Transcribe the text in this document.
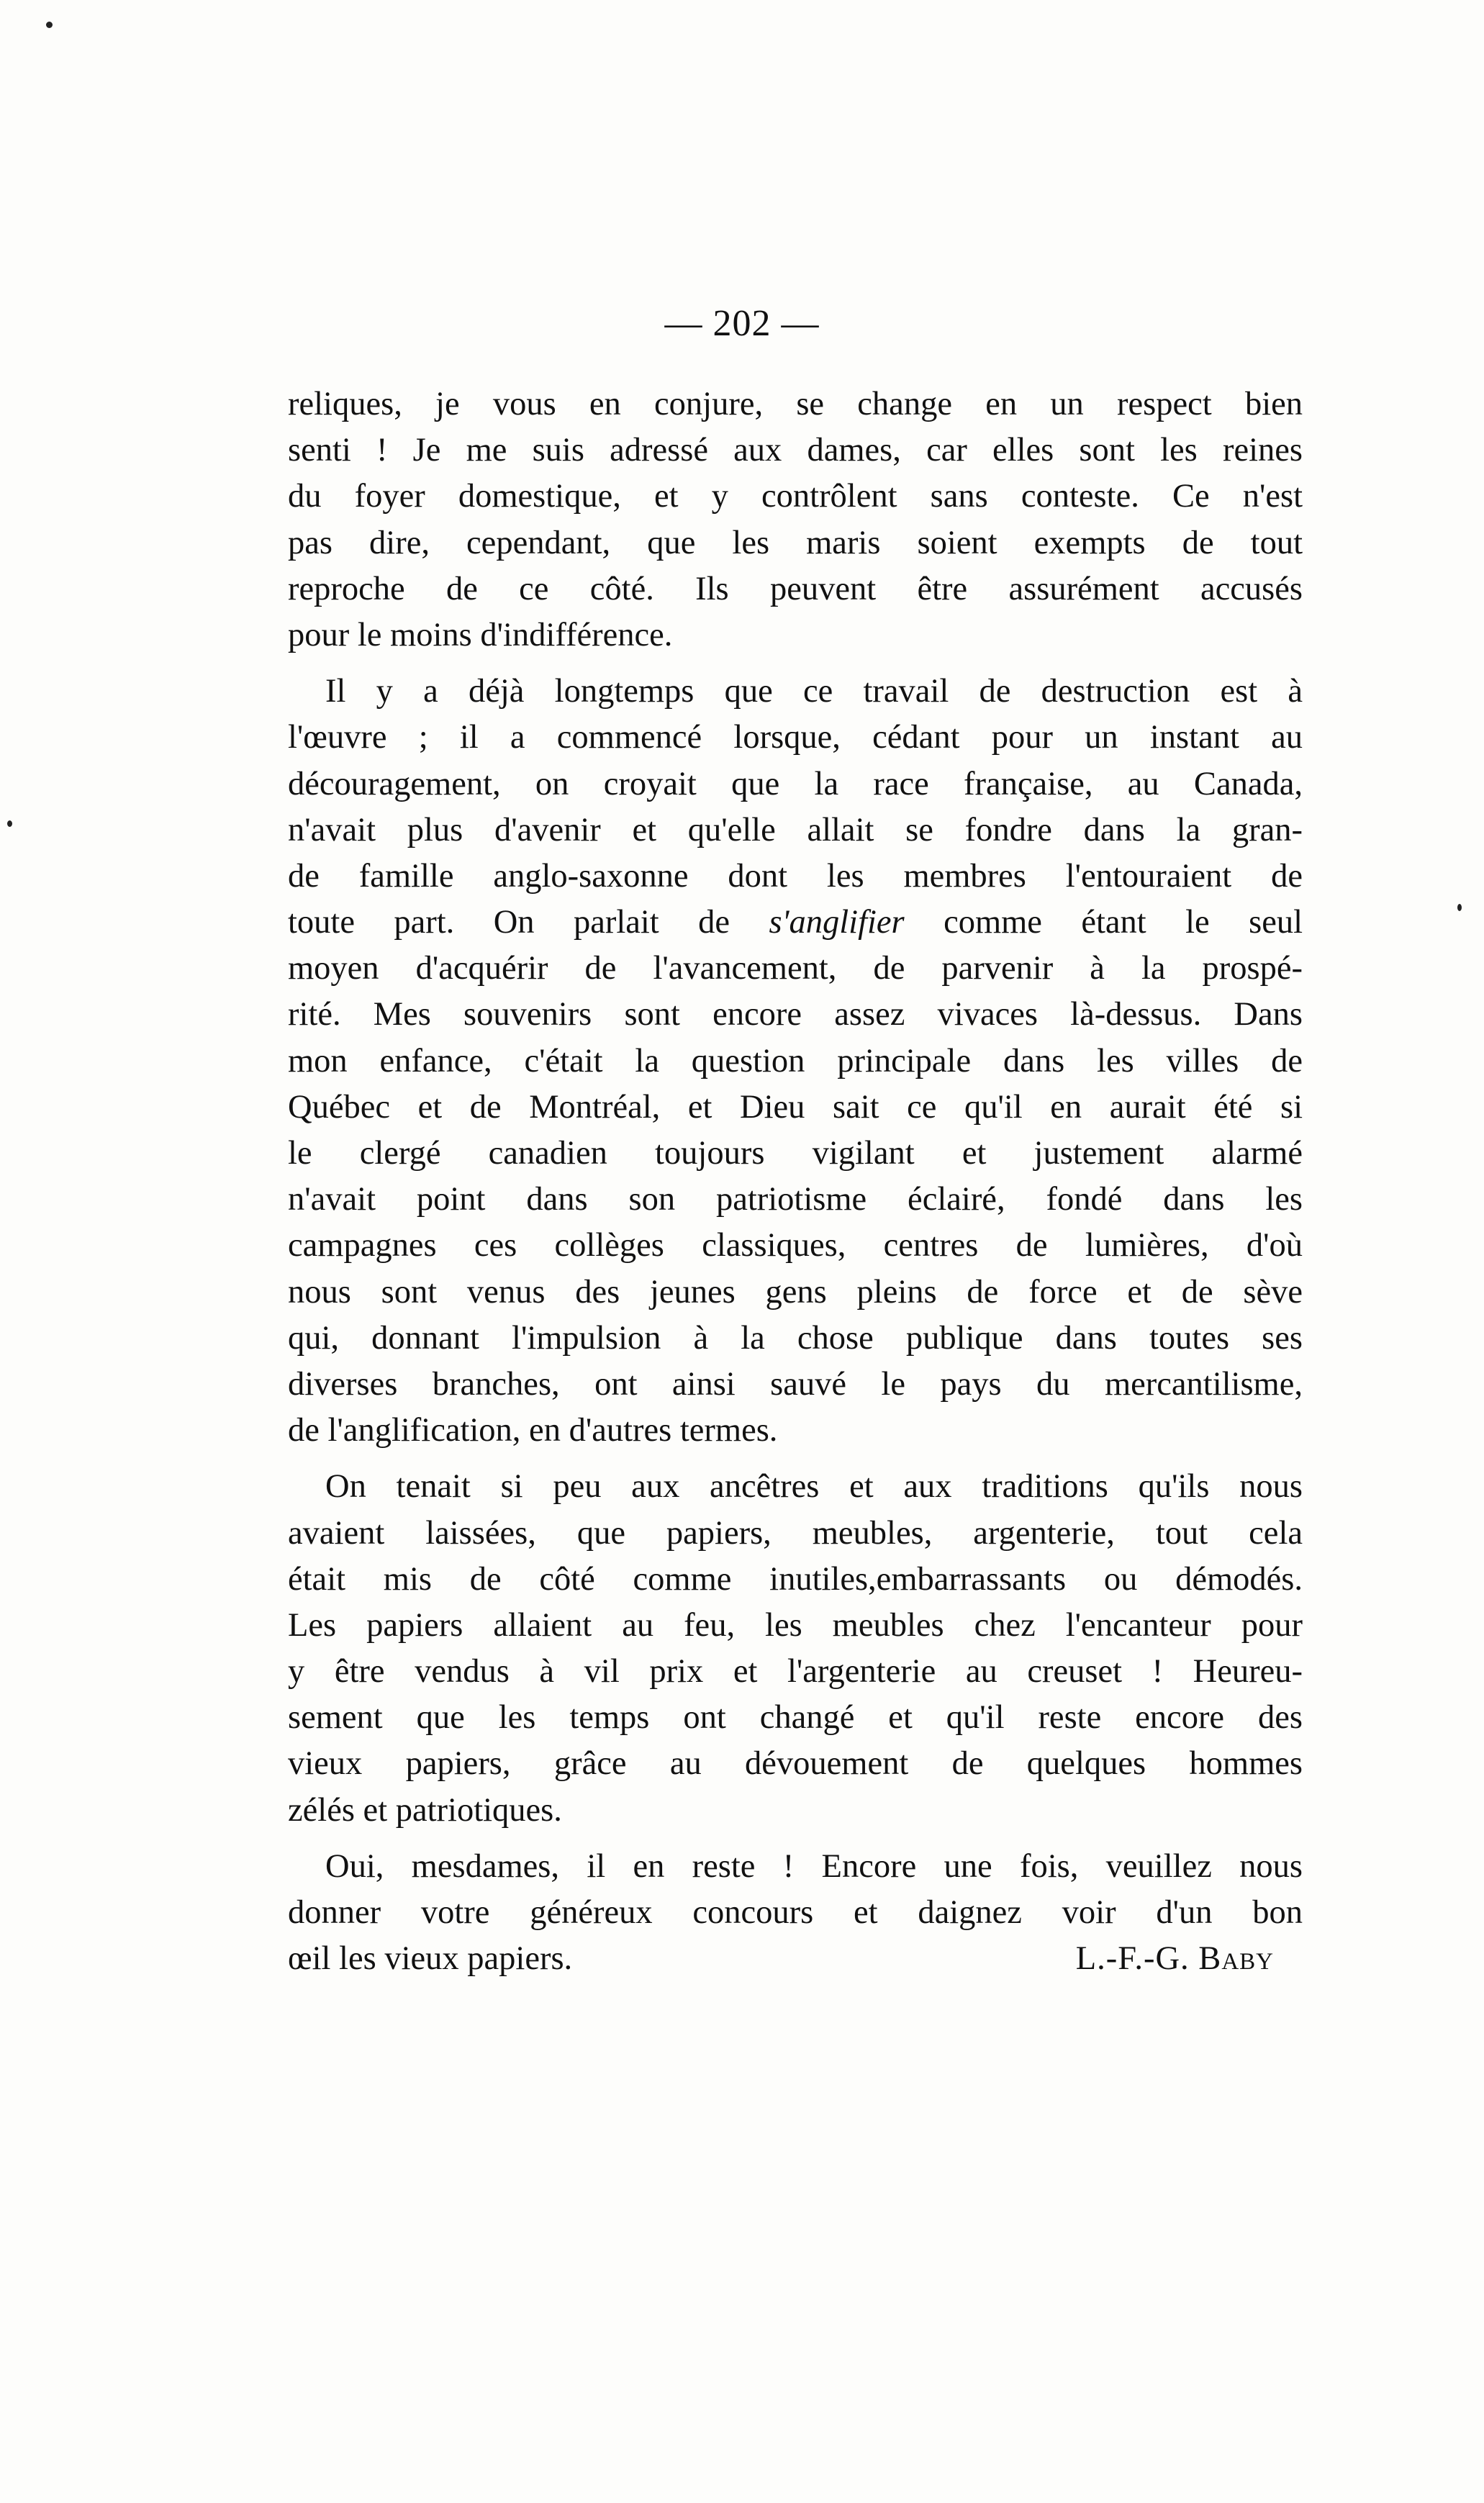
— 202 —
reliques, je vous en conjure, se change en un respect bien
senti ! Je me suis adressé aux dames, car elles sont les reines
du foyer domestique, et y contrôlent sans conteste. Ce n'est
pas dire, cependant, que les maris soient exempts de tout
reproche de ce côté. Ils peuvent être assurément accusés
pour le moins d'indifférence.
Il y a déjà longtemps que ce travail de destruction est à
l'œuvre ; il a commencé lorsque, cédant pour un instant au
découragement, on croyait que la race française, au Canada,
n'avait plus d'avenir et qu'elle allait se fondre dans la gran-
de famille anglo-saxonne dont les membres l'entouraient de
toute part. On parlait de s'anglifier comme étant le seul
moyen d'acquérir de l'avancement, de parvenir à la prospé-
rité. Mes souvenirs sont encore assez vivaces là-dessus. Dans
mon enfance, c'était la question principale dans les villes de
Québec et de Montréal, et Dieu sait ce qu'il en aurait été si
le clergé canadien toujours vigilant et justement alarmé
n'avait point dans son patriotisme éclairé, fondé dans les
campagnes ces collèges classiques, centres de lumières, d'où
nous sont venus des jeunes gens pleins de force et de sève
qui, donnant l'impulsion à la chose publique dans toutes ses
diverses branches, ont ainsi sauvé le pays du mercantilisme,
de l'anglification, en d'autres termes.
On tenait si peu aux ancêtres et aux traditions qu'ils nous
avaient laissées, que papiers, meubles, argenterie, tout cela
était mis de côté comme inutiles,embarrassants ou démodés.
Les papiers allaient au feu, les meubles chez l'encanteur pour
y être vendus à vil prix et l'argenterie au creuset ! Heureu-
sement que les temps ont changé et qu'il reste encore des
vieux papiers, grâce au dévouement de quelques hommes
zélés et patriotiques.
Oui, mesdames, il en reste ! Encore une fois, veuillez nous
donner votre généreux concours et daignez voir d'un bon
œil les vieux papiers.	L.-F.-G. Baby
